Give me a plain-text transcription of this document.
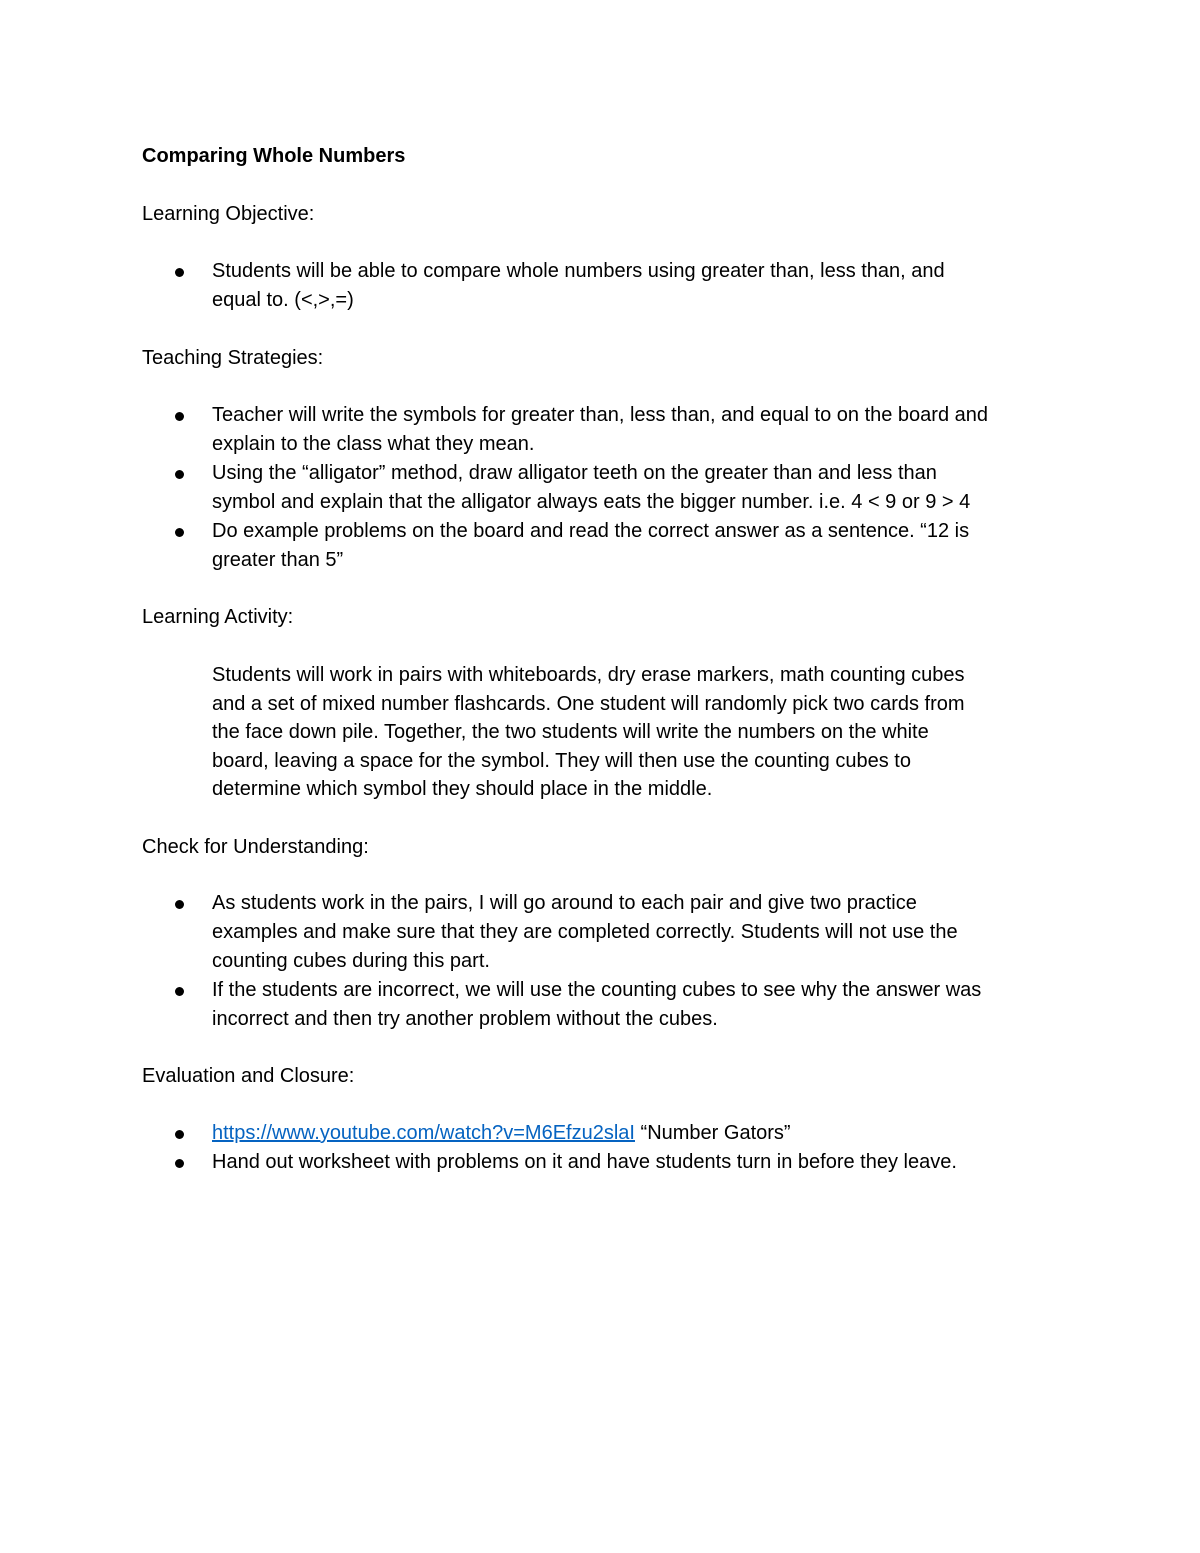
Comparing Whole Numbers
Learning Objective:
Students will be able to compare whole numbers using greater than, less than, and
equal to. (<,>,=)
Teaching Strategies:
Teacher will write the symbols for greater than, less than, and equal to on the board and
explain to the class what they mean.
Using the “alligator” method, draw alligator teeth on the greater than and less than
symbol and explain that the alligator always eats the bigger number. i.e. 4 < 9 or 9 > 4
Do example problems on the board and read the correct answer as a sentence. “12 is
greater than 5”
Learning Activity:
Students will work in pairs with whiteboards, dry erase markers, math counting cubes
and a set of mixed number flashcards. One student will randomly pick two cards from
the face down pile. Together, the two students will write the numbers on the white
board, leaving a space for the symbol. They will then use the counting cubes to
determine which symbol they should place in the middle.
Check for Understanding:
As students work in the pairs, I will go around to each pair and give two practice
examples and make sure that they are completed correctly. Students will not use the
counting cubes during this part.
If the students are incorrect, we will use the counting cubes to see why the answer was
incorrect and then try another problem without the cubes.
Evaluation and Closure:
https://www.youtube.com/watch?v=M6Efzu2slaI “Number Gators”
Hand out worksheet with problems on it and have students turn in before they leave.
